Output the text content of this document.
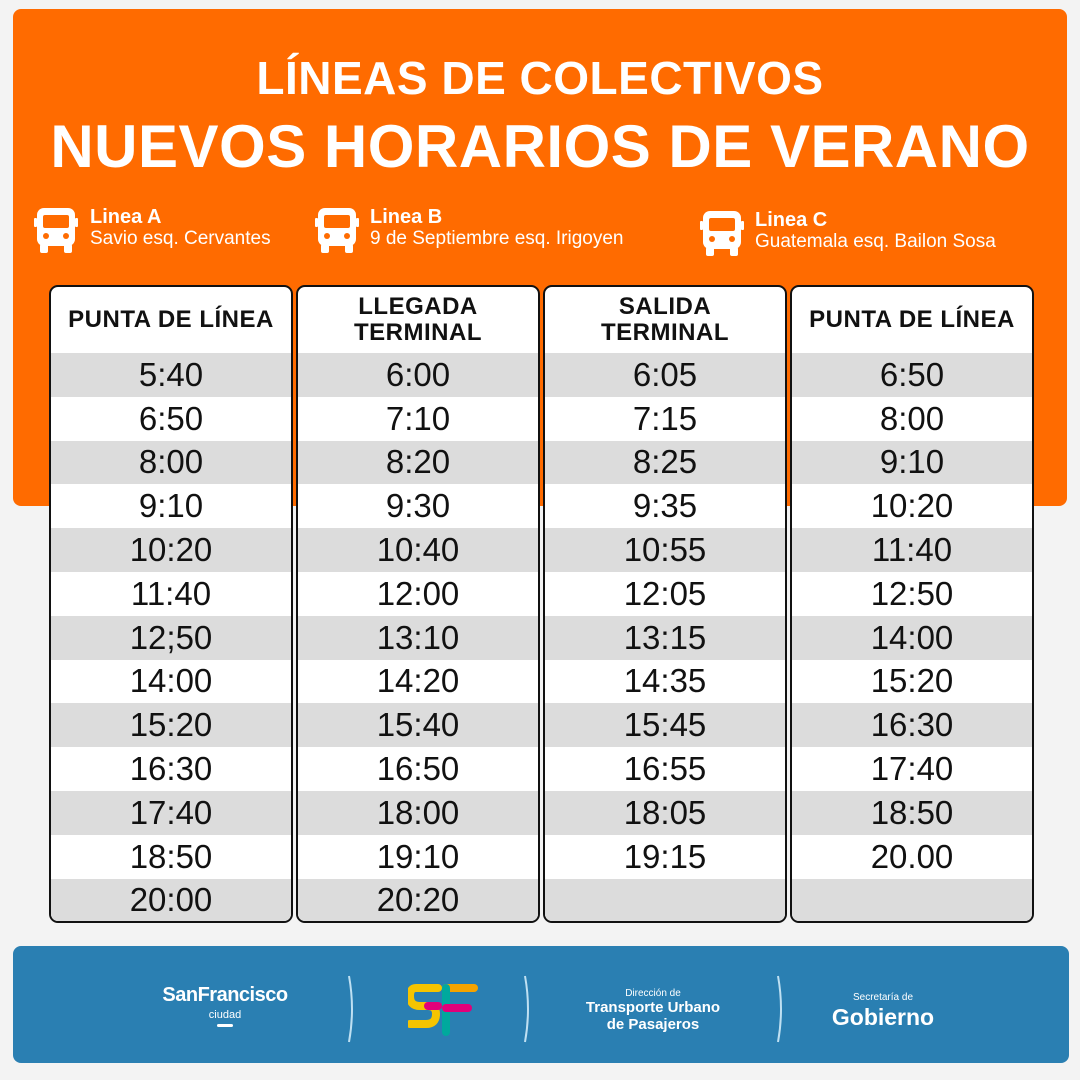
LÍNEAS DE COLECTIVOS
NUEVOS HORARIOS DE VERANO
Linea A
Savio esq. Cervantes
Linea B
9 de Septiembre esq. Irigoyen
Linea C
Guatemala esq. Bailon Sosa
PUNTA DE LÍNEA
5:40
6:50
8:00
9:10
10:20
11:40
12;50
14:00
15:20
16:30
17:40
18:50
20:00
LLEGADA TERMINAL
6:00
7:10
8:20
9:30
10:40
12:00
13:10
14:20
15:40
16:50
18:00
19:10
20:20
SALIDA TERMINAL
6:05
7:15
8:25
9:35
10:55
12:05
13:15
14:35
15:45
16:55
18:05
19:15
PUNTA DE LÍNEA
6:50
8:00
9:10
10:20
11:40
12:50
14:00
15:20
16:30
17:40
18:50
20.00
SanFrancisco
ciudad
Dirección de
Transporte Urbano
de Pasajeros
Secretaría de
Gobierno
